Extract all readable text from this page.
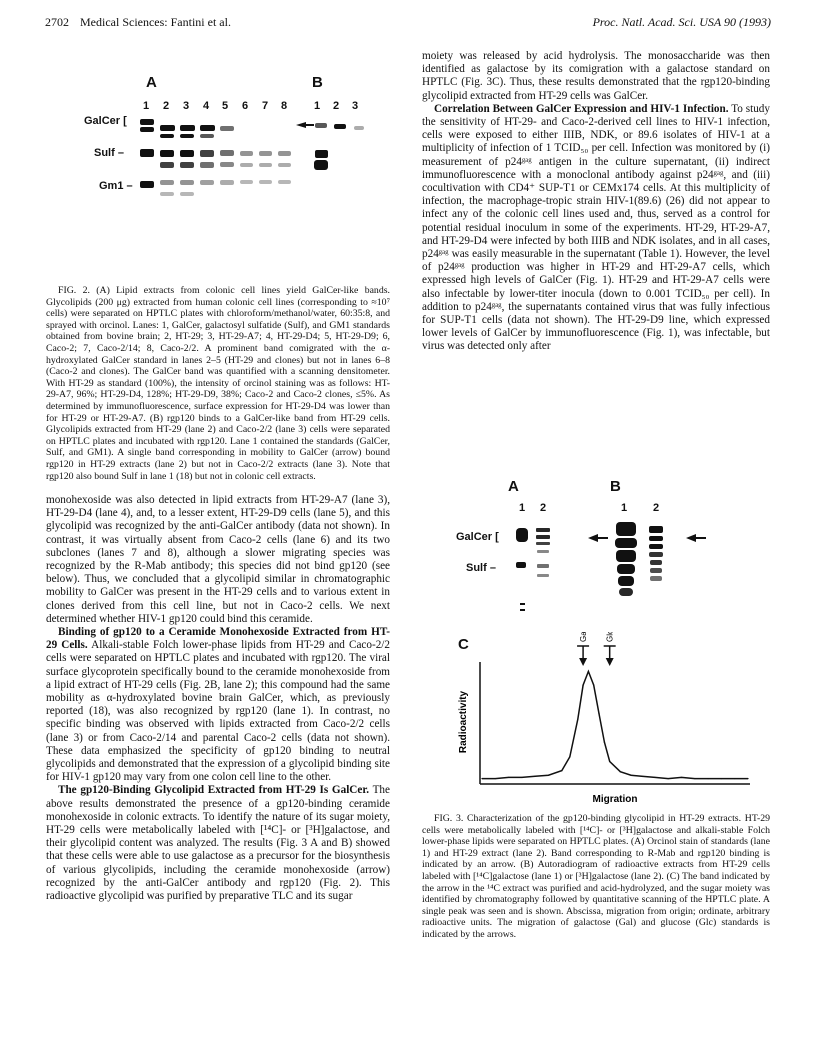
2702 Medical Sciences: Fantini et al.	Proc. Natl. Acad. Sci. USA 90 (1993)
A	B
1 2 3 4 5 6 7 8 1 2 3
GalCer [
Sulf –
Gm1 –

FIG. 2. (A) Lipid extracts from colonic cell lines yield GalCer-like bands. Glycolipids (200 μg) extracted from human colonic cell lines (corresponding to ≈10⁷ cells) were separated on HPTLC plates with chloroform/methanol/water, 60:35:8, and sprayed with orcinol. Lanes: 1, GalCer, galactosyl sulfatide (Sulf), and GM1 standards obtained from bovine brain; 2, HT-29; 3, HT-29-A7; 4, HT-29-D4; 5, HT-29-D9; 6, Caco-2; 7, Caco-2/14; 8, Caco-2/2. A prominent band comigrated with the α-hydroxylated GalCer standard in lanes 2–5 (HT-29 and clones) but not in lanes 6–8 (Caco-2 and clones). The GalCer band was quantified with a scanning densitometer. With HT-29 as standard (100%), the intensity of orcinol staining was as follows: HT-29-A7, 96%; HT-29-D4, 128%; HT-29-D9, 38%; Caco-2 and Caco-2 clones, ≤5%. As determined by immunofluorescence, surface expression for HT-29-D4 was lower than for HT-29 or HT-29-A7. (B) rgp120 binds to a GalCer-like band from HT-29 cells. Glycolipids extracted from HT-29 (lane 2) and Caco-2/2 (lane 3) cells were separated on HPTLC plates and incubated with rgp120. Lane 1 contained the standards (GalCer, Sulf, and GM1). A single band corresponding in mobility to GalCer (arrow) bound rgp120 in HT-29 extracts (lane 2) but not in Caco-2/2 extracts (lane 3). Note that rgp120 also bound Sulf in lane 1 (18) but not in colonic cell extracts.

monohexoside was also detected in lipid extracts from HT-29-A7 (lane 3), HT-29-D4 (lane 4), and, to a lesser extent, HT-29-D9 cells (lane 5), and this glycolipid was recognized by the anti-GalCer antibody (data not shown). In contrast, it was virtually absent from Caco-2 cells (lane 6) and its two subclones (lanes 7 and 8), although a slower migrating species was recognized by the R-Mab antibody; this species did not bind gp120 (see below). Thus, we concluded that a glycolipid similar in chromatographic mobility to GalCer was present in the HT-29 cells and to various extent in clones derived from this cell line, but not in Caco-2 cells. We next determined whether HIV-1 gp120 could bind this ceramide.

Binding of gp120 to a Ceramide Monohexoside Extracted from HT-29 Cells. Alkali-stable Folch lower-phase lipids from HT-29 and Caco-2/2 cells were separated on HPTLC plates and incubated with rgp120. The viral surface glycoprotein specifically bound to the ceramide monohexoside from a lipid extract of HT-29 cells (Fig. 2B, lane 2); this compound had the same mobility as α-hydroxylated bovine brain GalCer, which, as previously reported (18), was also recognized by rgp120 (lane 1). In contrast, no specific binding was observed with lipids extracted from Caco-2/2 cells (lane 3) or from Caco-2/14 and parental Caco-2 cells (data not shown). These data emphasized the specificity of gp120 binding to neutral glycolipids and demonstrated that the expression of a glycolipid binding site for HIV-1 gp120 may vary from one colon cell line to the other.

The gp120-Binding Glycolipid Extracted from HT-29 Is GalCer. The above results demonstrated the presence of a gp120-binding ceramide monohexoside in colonic extracts. To identify the nature of its sugar moiety, HT-29 cells were metabolically labeled with [¹⁴C]- or [³H]galactose, and their glycolipid content was analyzed. The results (Fig. 3 A and B) showed that these cells were able to use galactose as a precursor for the biosynthesis of various glycolipids, including the ceramide monohexoside (arrow) recognized by the anti-GalCer antibody and rgp120 (Fig. 2). This radioactive glycolipid was purified by preparative TLC and its sugar

moiety was released by acid hydrolysis. The monosaccharide was then identified as galactose by its comigration with a galactose standard on HPTLC (Fig. 3C). Thus, these results demonstrated that the rgp120-binding glycolipid extracted from HT-29 cells was GalCer.

Correlation Between GalCer Expression and HIV-1 Infection. To study the sensitivity of HT-29- and Caco-2-derived cell lines to HIV-1 infection, cells were exposed to either IIIB, NDK, or 89.6 isolates of HIV-1 at a multiplicity of infection of 1 TCID₅₀ per cell. Infection was monitored by (i) measurement of p24ᵍᵃᵍ antigen in the culture supernatant, (ii) indirect immunofluorescence with a monoclonal antibody against p24ᵍᵃᵍ, and (iii) cocultivation with CD4⁺ SUP-T1 or CEMx174 cells. At this multiplicity of infection, the macrophage-tropic strain HIV-1(89.6) (26) did not appear to infect any of the colonic cell lines used and, thus, served as a control for potential residual inoculum in some of the experiments. HT-29, HT-29-A7, and HT-29-D4 were infected by both IIIB and NDK isolates, and in all cases, p24ᵍᵃᵍ was easily measurable in the supernatant (Table 1). However, the level of p24ᵍᵃᵍ production was higher in HT-29 and HT-29-A7 cells, which expressed high levels of GalCer (Fig. 1). HT-29 and HT-29-A7 cells were also infectable by lower-titer inocula (down to 0.001 TCID₅₀ per cell). In addition to p24ᵍᵃᵍ, the supernatants contained virus that was fully infectious for SUP-T1 cells (data not shown). The HT-29-D9 line, which expressed lower levels of GalCer by immunofluorescence (Fig. 1), was infectable, but virus was detected only after

A	B
1 2	1 2
GalCer [
Sulf –
C
Gal Glc
Radioactivity
Migration

FIG. 3. Characterization of the gp120-binding glycolipid in HT-29 extracts. HT-29 cells were metabolically labeled with [¹⁴C]- or [³H]galactose and alkali-stable Folch lower-phase lipids were separated on HPTLC plates. (A) Orcinol stain of standards (lane 1) and HT-29 extract (lane 2). Band corresponding to R-Mab and rgp120 binding is indicated by an arrow. (B) Autoradiogram of radioactive extracts from HT-29 cells labeled with [¹⁴C]galactose (lane 1) or [³H]galactose (lane 2). (C) The band indicated by the arrow in the ¹⁴C extract was purified and acid-hydrolyzed, and the sugar moiety was identified by chromatography followed by quantitative scanning of the HPTLC plate. A single peak was seen and is shown. Abscissa, migration from origin; ordinate, arbitrary radioactive units. The migration of galactose (Gal) and glucose (Glc) standards is indicated by the arrows.
